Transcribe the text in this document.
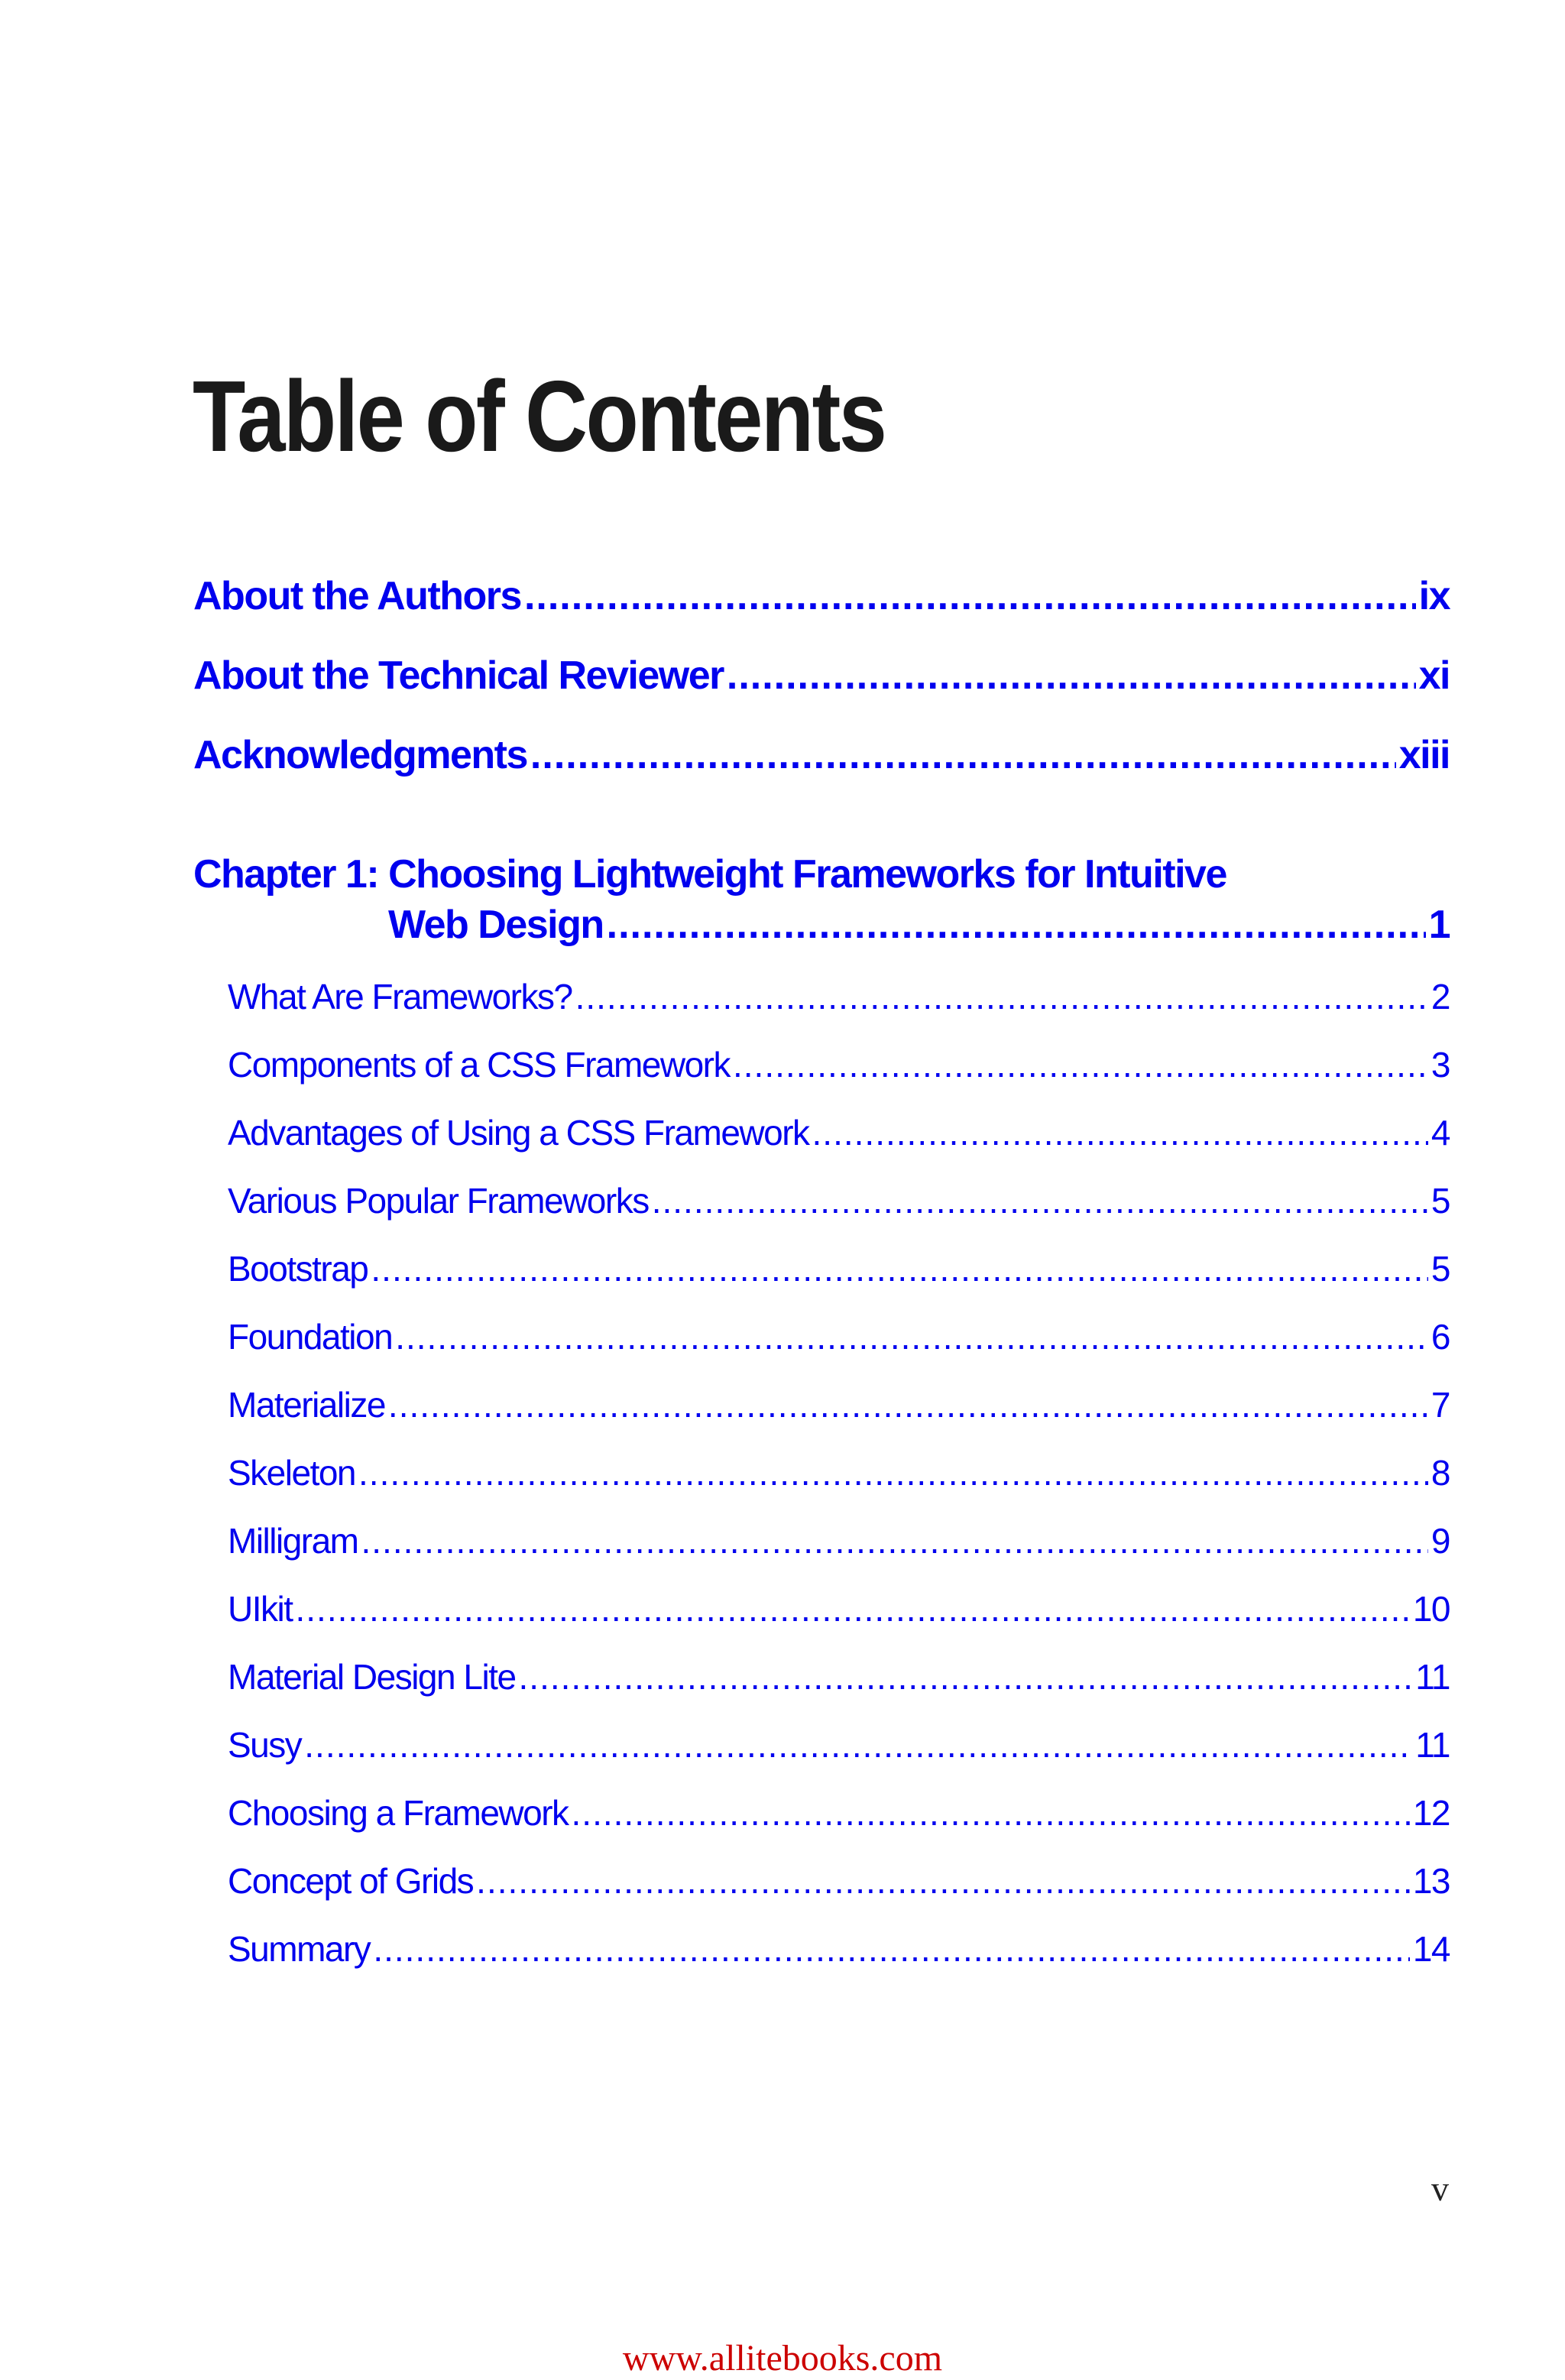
Table of Contents
About the Authors .....	ix
About the Technical Reviewer .....	xi
Acknowledgments .....	xiii
Chapter 1: Choosing Lightweight Frameworks for Intuitive
Web Design .....	1
What Are Frameworks? .....	2
Components of a CSS Framework .....	3
Advantages of Using a CSS Framework .....	4
Various Popular Frameworks .....	5
Bootstrap .....	5
Foundation .....	6
Materialize .....	7
Skeleton .....	8
Milligram .....	9
UIkit .....	10
Material Design Lite .....	11
Susy .....	11
Choosing a Framework .....	12
Concept of Grids .....	13
Summary .....	14
v
www.allitebooks.com
